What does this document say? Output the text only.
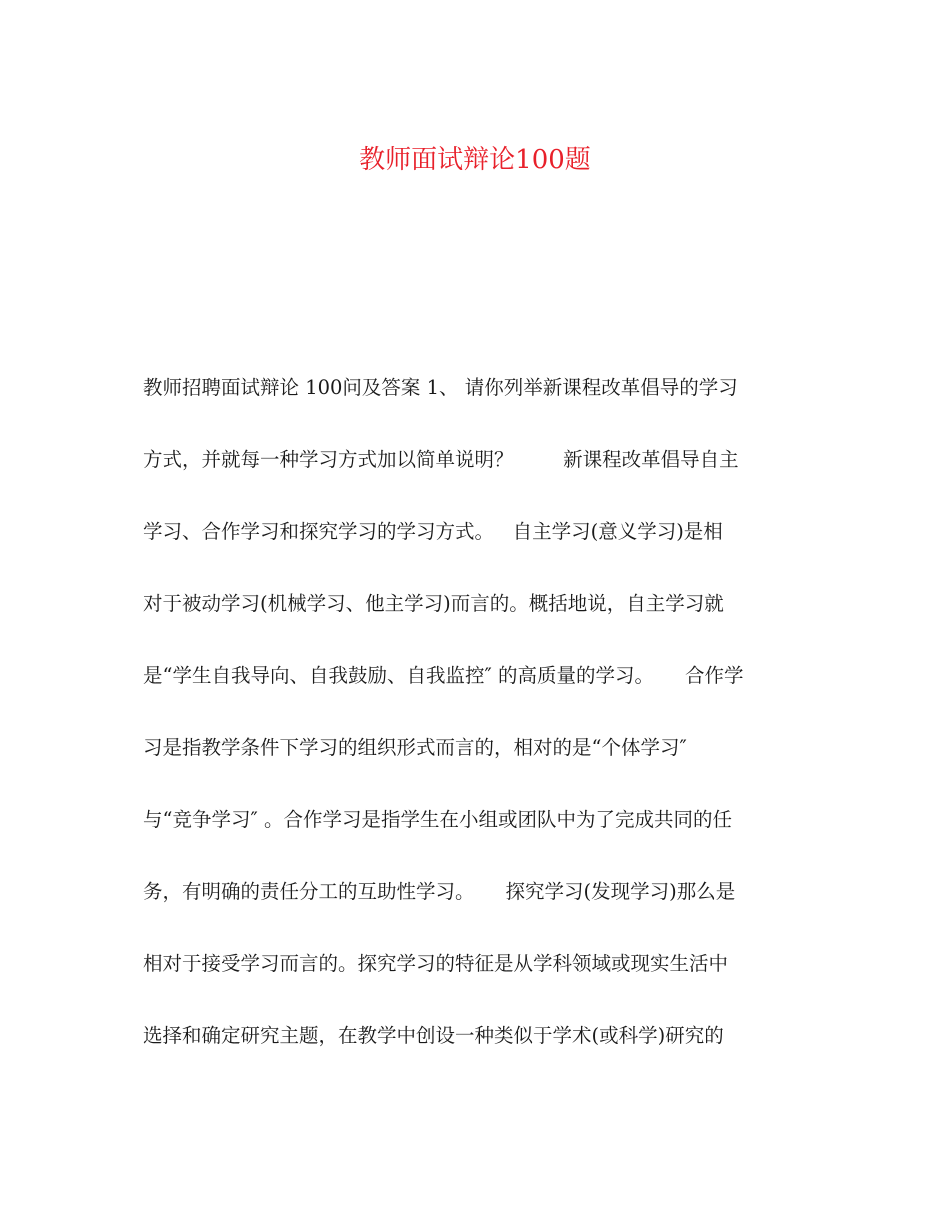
教师面试辩论100题
教师招聘面试辩论 100问及答案 1、 请你列举新课程改革倡导的学习
方式，并就每一种学习方式加以简单说明？        新课程改革倡导自主
学习、合作学习和探究学习的学习方式。   自主学习(意义学习)是相
对于被动学习(机械学习、他主学习)而言的。概括地说，自主学习就
是“学生自我导向、自我鼓励、自我监控″ 的高质量的学习。     合作学
习是指教学条件下学习的组织形式而言的，相对的是“个体学习″
与“竞争学习″ 。合作学习是指学生在小组或团队中为了完成共同的任
务，有明确的责任分工的互助性学习。     探究学习(发现学习)那么是
相对于接受学习而言的。探究学习的特征是从学科领域或现实生活中
选择和确定研究主题，在教学中创设一种类似于学术(或科学)研究的
